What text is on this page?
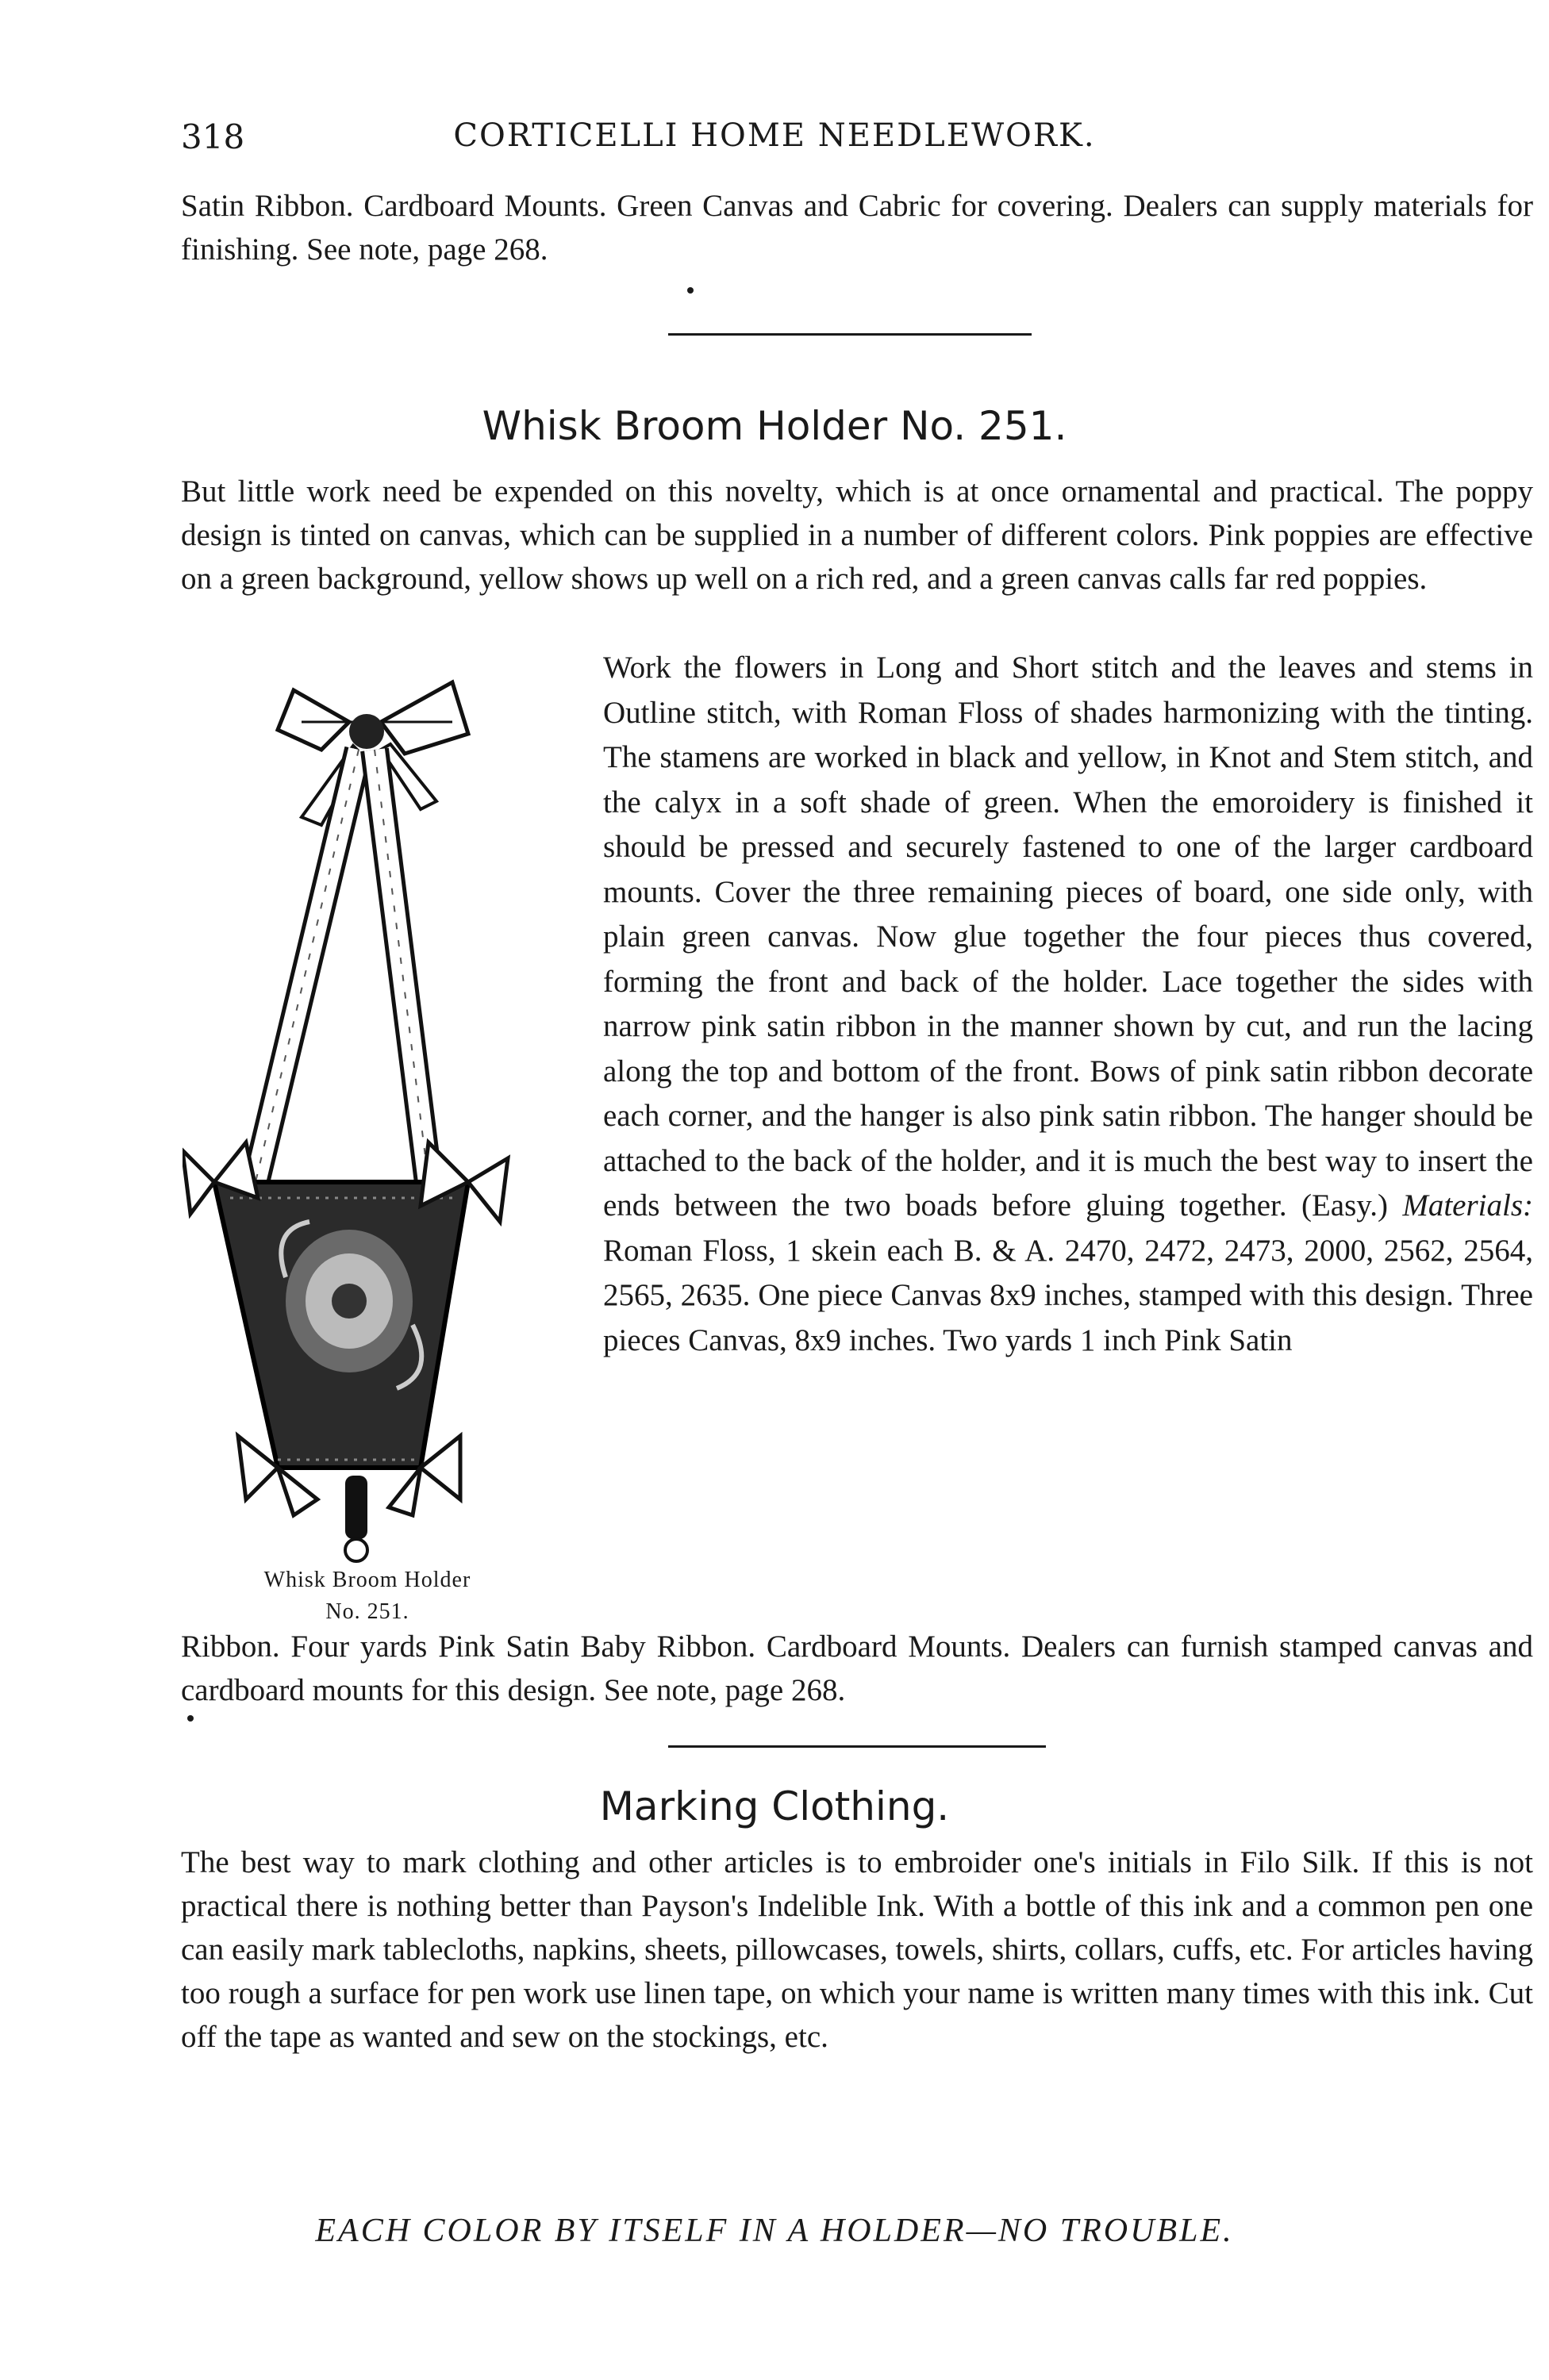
318	CORTICELLI HOME NEEDLEWORK.
Satin Ribbon. Cardboard Mounts. Green Canvas and Cabric for covering. Dealers can supply materials for finishing. See note, page 268.
Whisk Broom Holder No. 251.
But little work need be expended on this novelty, which is at once ornamental and practical. The poppy design is tinted on canvas, which can be supplied in a number of different colors. Pink poppies are effective on a green background, yellow shows up well on a rich red, and a green canvas calls far red poppies.
Whisk Broom Holder
No. 251.
Work the flowers in Long and Short stitch and the leaves and stems in Outline stitch, with Roman Floss of shades harmonizing with the tinting. The stamens are worked in black and yellow, in Knot and Stem stitch, and the calyx in a soft shade of green. When the emoroidery is finished it should be pressed and securely fastened to one of the larger cardboard mounts. Cover the three remaining pieces of board, one side only, with plain green canvas. Now glue together the four pieces thus covered, forming the front and back of the holder. Lace together the sides with narrow pink satin ribbon in the manner shown by cut, and run the lacing along the top and bottom of the front. Bows of pink satin ribbon decorate each corner, and the hanger is also pink satin ribbon. The hanger should be attached to the back of the holder, and it is much the best way to insert the ends between the two boads before gluing together. (Easy.) Materials: Roman Floss, 1 skein each B. & A. 2470, 2472, 2473, 2000, 2562, 2564, 2565, 2635. One piece Canvas 8x9 inches, stamped with this design. Three pieces Canvas, 8x9 inches. Two yards 1 inch Pink Satin
Ribbon. Four yards Pink Satin Baby Ribbon. Cardboard Mounts. Dealers can furnish stamped canvas and cardboard mounts for this design. See note, page 268.
Marking Clothing.
The best way to mark clothing and other articles is to embroider one's initials in Filo Silk. If this is not practical there is nothing better than Payson's Indelible Ink. With a bottle of this ink and a common pen one can easily mark tablecloths, napkins, sheets, pillowcases, towels, shirts, collars, cuffs, etc. For articles having too rough a surface for pen work use linen tape, on which your name is written many times with this ink. Cut off the tape as wanted and sew on the stockings, etc.
EACH COLOR BY ITSELF IN A HOLDER—NO TROUBLE.
